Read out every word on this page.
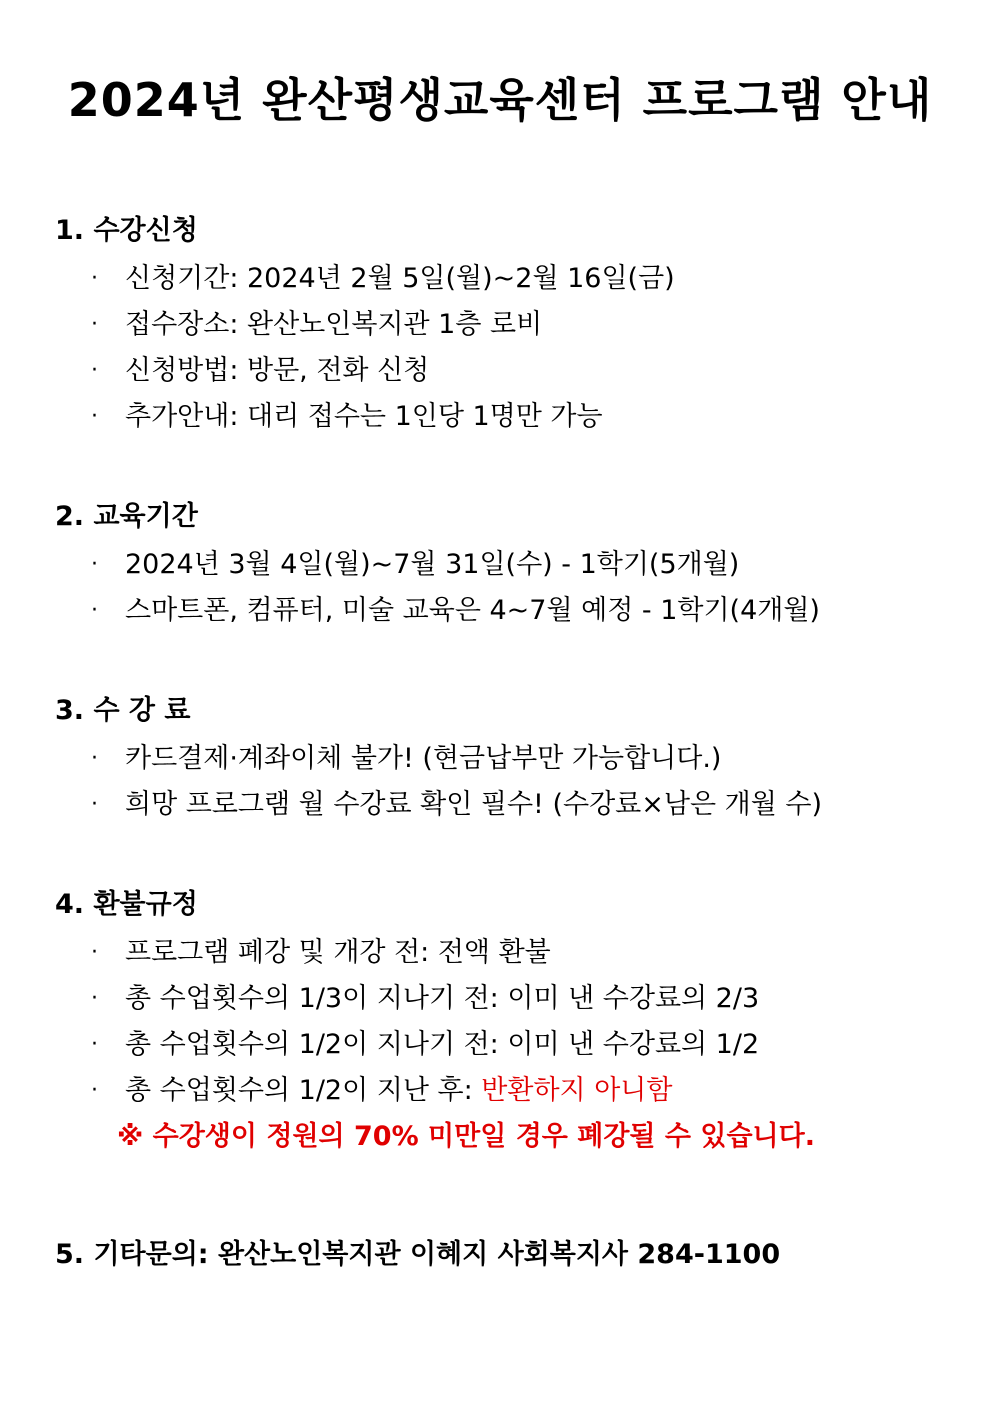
2024년 완산평생교육센터 프로그램 안내
1. 수강신청
· 신청기간: 2024년 2월 5일(월)~2월 16일(금)
· 접수장소: 완산노인복지관 1층 로비
· 신청방법: 방문, 전화 신청
· 추가안내: 대리 접수는 1인당 1명만 가능
2. 교육기간
· 2024년 3월 4일(월)~7월 31일(수) - 1학기(5개월)
· 스마트폰, 컴퓨터, 미술 교육은 4~7월 예정 - 1학기(4개월)
3. 수 강 료
· 카드결제·계좌이체 불가! (현금납부만 가능합니다.)
· 희망 프로그램 월 수강료 확인 필수! (수강료×남은 개월 수)
4. 환불규정
· 프로그램 폐강 및 개강 전: 전액 환불
· 총 수업횟수의 1/3이 지나기 전: 이미 낸 수강료의 2/3
· 총 수업횟수의 1/2이 지나기 전: 이미 낸 수강료의 1/2
· 총 수업횟수의 1/2이 지난 후: 반환하지 아니함
※ 수강생이 정원의 70% 미만일 경우 폐강될 수 있습니다.
5. 기타문의: 완산노인복지관 이혜지 사회복지사 284-1100
